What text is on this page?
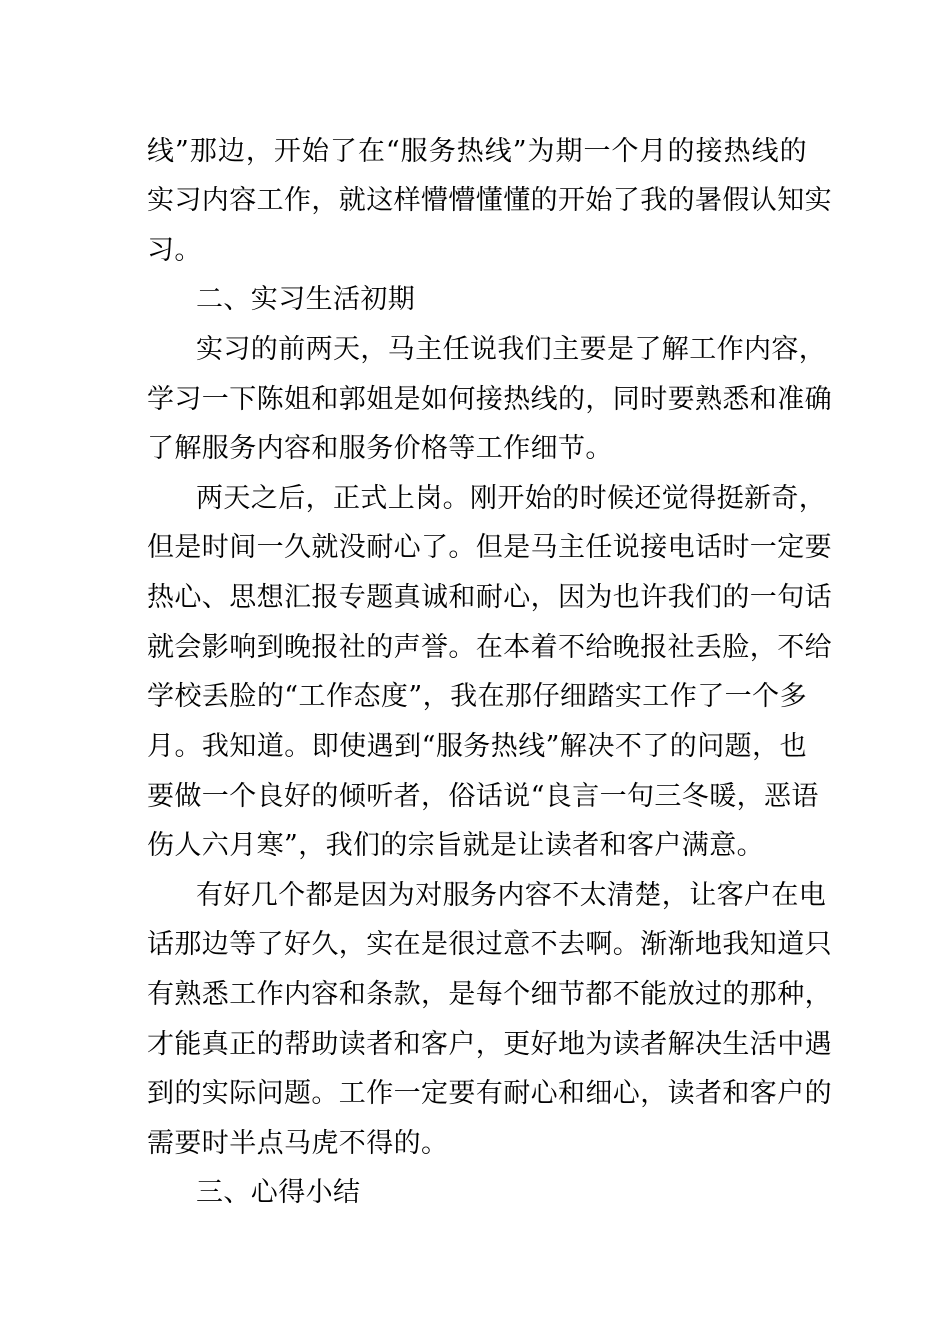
线”那边，开始了在“服务热线”为期一个月的接热线的
实习内容工作，就这样懵懵懂懂的开始了我的暑假认知实
习。
二、实习生活初期
实习的前两天，马主任说我们主要是了解工作内容，
学习一下陈姐和郭姐是如何接热线的，同时要熟悉和准确
了解服务内容和服务价格等工作细节。
两天之后，正式上岗。刚开始的时候还觉得挺新奇，
但是时间一久就没耐心了。但是马主任说接电话时一定要
热心、思想汇报专题真诚和耐心，因为也许我们的一句话
就会影响到晚报社的声誉。在本着不给晚报社丢脸，不给
学校丢脸的“工作态度”，我在那仔细踏实工作了一个多
月。我知道。即使遇到“服务热线”解决不了的问题，也
要做一个良好的倾听者，俗话说“良言一句三冬暖，恶语
伤人六月寒”，我们的宗旨就是让读者和客户满意。
有好几个都是因为对服务内容不太清楚，让客户在电
话那边等了好久，实在是很过意不去啊。渐渐地我知道只
有熟悉工作内容和条款，是每个细节都不能放过的那种，
才能真正的帮助读者和客户，更好地为读者解决生活中遇
到的实际问题。工作一定要有耐心和细心，读者和客户的
需要时半点马虎不得的。
三、心得小结
